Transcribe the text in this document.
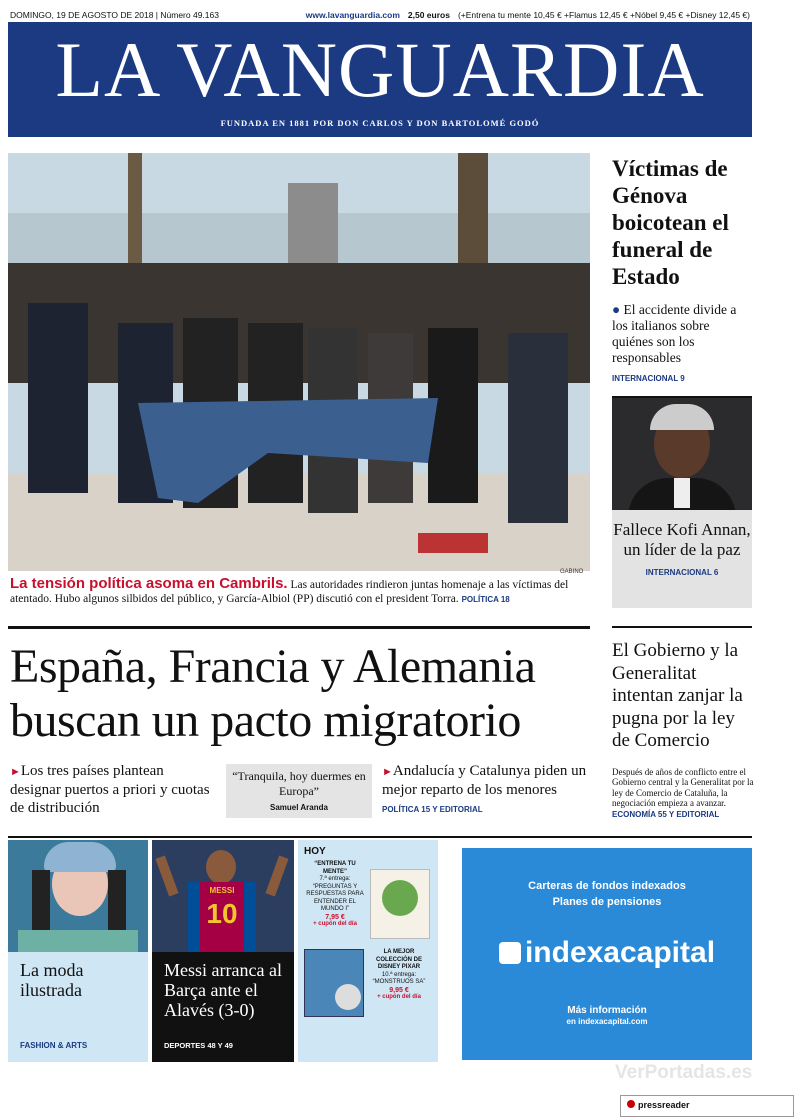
DOMINGO, 19 DE AGOSTO DE 2018 | Número 49.163	www.lavanguardia.com 2,50 euros (+Entrena tu mente 10,45 € +Flamus 12,45 € +Nóbel 9,45 € +Disney 12,45 €)
LA VANGUARDIA
FUNDADA EN 1881 POR DON CARLOS Y DON BARTOLOMÉ GODÓ
GABINO
La tensión política asoma en Cambrils. Las autoridades rindieron juntas homenaje a las víctimas del atentado. Hubo algunos silbidos del público, y García-Albiol (PP) discutió con el president Torra. POLÍTICA 18
Víctimas de Génova boicotean el funeral de Estado
● El accidente divide a los italianos sobre quiénes son los responsables
INTERNACIONAL 9
Fallece Kofi Annan, un líder de la paz
INTERNACIONAL 6
El Gobierno y la Generalitat intentan zanjar la pugna por la ley de Comercio
Después de años de conflicto entre el Gobierno central y la Generalitat por la ley de Comercio de Cataluña, la negociación empieza a avanzar. ECONOMÍA 55 Y EDITORIAL
España, Francia y Alemania buscan un pacto migratorio
►Los tres países plantean designar puertos a priori y cuotas de distribución
“Tranquila, hoy duermes en Europa”
Samuel Aranda
►Andalucía y Catalunya piden un mejor reparto de los menores POLÍTICA 15 Y EDITORIAL
La moda ilustrada
FASHION & ARTS
MESSI
10
Messi arranca al Barça ante el Alavés (3-0)
DEPORTES 48 Y 49
HOY
“ENTRENA TU MENTE”
7.ª entrega: “PREGUNTAS Y RESPUESTAS PARA ENTENDER EL MUNDO I”
7,95 €
+ cupón del día
LA MEJOR COLECCIÓN DE DISNEY PIXAR
10.ª entrega: “MONSTRUOS SA”
9,95 €
+ cupón del día
Carteras de fondos indexados
Planes de pensiones
indexacapital
Más información
en indexacapital.com
VerPortadas.es
pressreader
